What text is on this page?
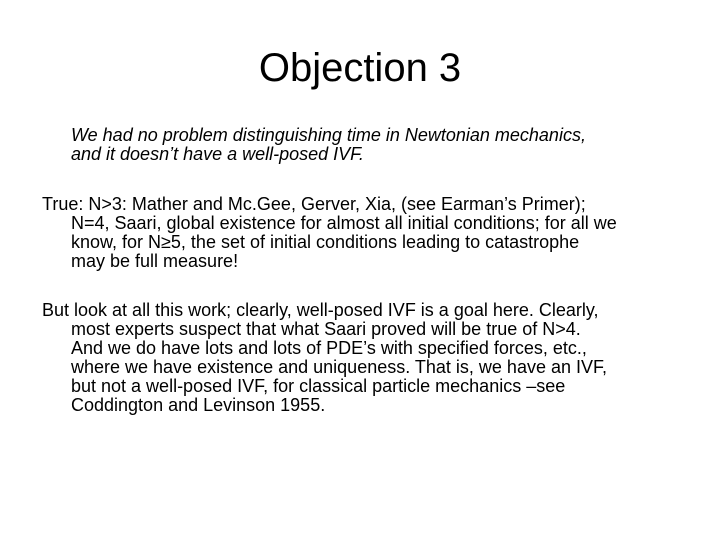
Objection 3
We had no problem distinguishing time in Newtonian mechanics,
and it doesn’t have a well-posed IVF.
True: N>3: Mather and Mc.Gee, Gerver, Xia, (see Earman’s Primer);
N=4, Saari, global existence for almost all initial conditions; for all we
know, for N≥5, the set of initial conditions leading to catastrophe
may be full measure!
But look at all this work; clearly, well-posed IVF is a goal here. Clearly,
most experts suspect that what Saari proved will be true of N>4.
And we do have lots and lots of PDE’s with specified forces, etc.,
where we have existence and uniqueness. That is, we have an IVF,
but not a well-posed IVF, for classical particle mechanics –see
Coddington and Levinson 1955.
